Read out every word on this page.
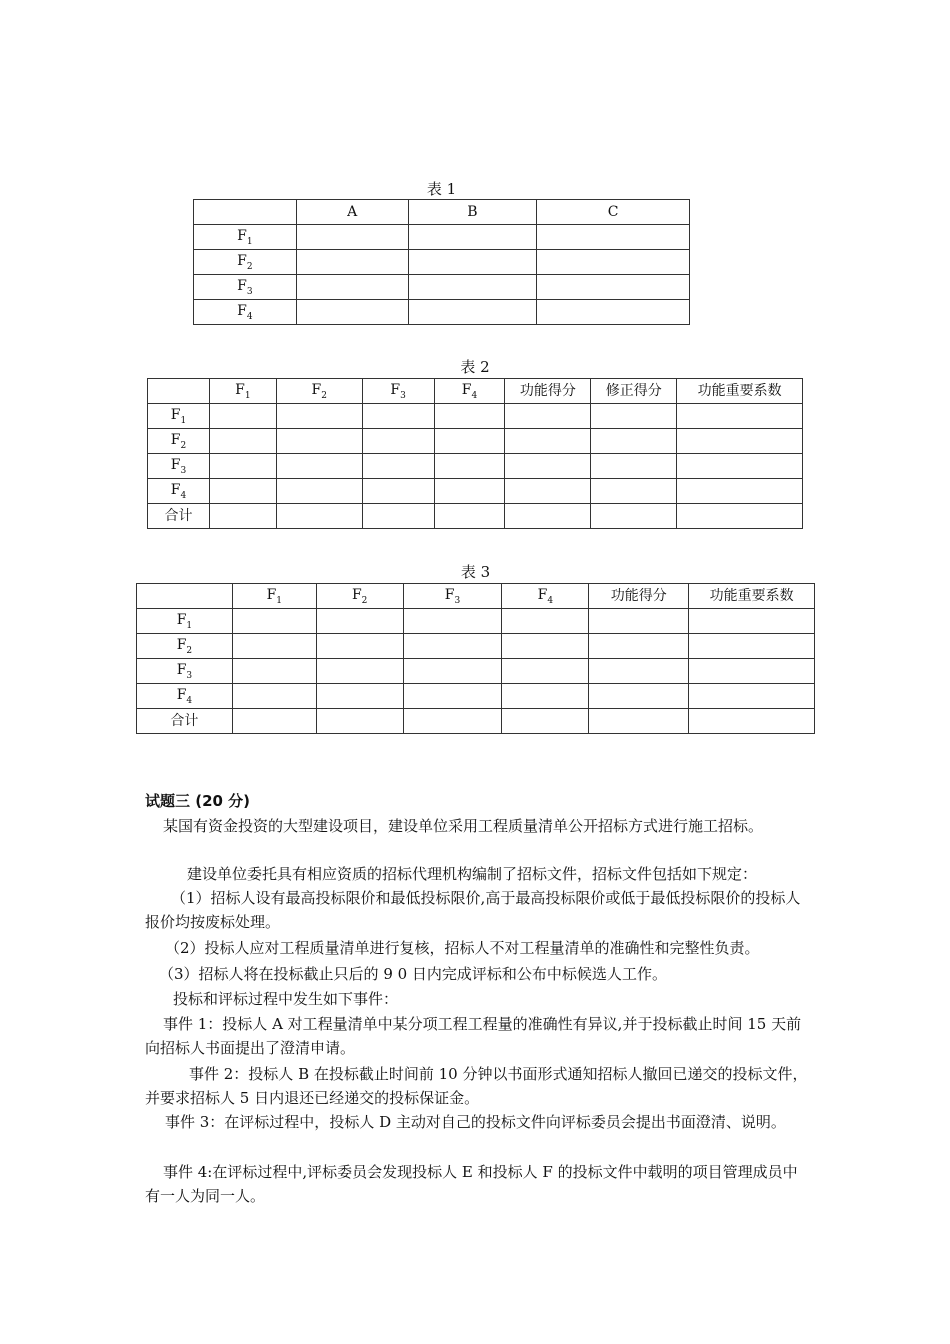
表 1
	A	B	C
$F_1$			
$F_2$			
$F_3$			
$F_4$			
表 2
	$F_1$	$F_2$	$F_3$	$F_4$	功能得分	修正得分	功能重要系数
$F_1$							
$F_2$							
$F_3$							
$F_4$							
合计							
表 3
	$F_1$	$F_2$	$F_3$	$F_4$	功能得分	功能重要系数
$F_1$						
$F_2$						
$F_3$						
$F_4$						
合计						
试题三 (20 分)
某国有资金投资的大型建设项目，建设单位采用工程质量清单公开招标方式进行施工招标。
建设单位委托具有相应资质的招标代理机构编制了招标文件，招标文件包括如下规定：
（1）招标人设有最高投标限价和最低投标限价,高于最高投标限价或低于最低投标限价的投标人报价均按废标处理。
（2）投标人应对工程质量清单进行复核，招标人不对工程量清单的准确性和完整性负责。
（3）招标人将在投标截止只后的 9 0 日内完成评标和公布中标候选人工作。
投标和评标过程中发生如下事件：
事件 1：投标人 A 对工程量清单中某分项工程工程量的准确性有异议,并于投标截止时间 15 天前向招标人书面提出了澄清申请。
事件 2：投标人 B 在投标截止时间前 10 分钟以书面形式通知招标人撤回已递交的投标文件，并要求招标人 5 日内退还已经递交的投标保证金。
事件 3：在评标过程中，投标人 D 主动对自己的投标文件向评标委员会提出书面澄清、说明。
事件 4:在评标过程中,评标委员会发现投标人 E 和投标人 F 的投标文件中载明的项目管理成员中有一人为同一人。
